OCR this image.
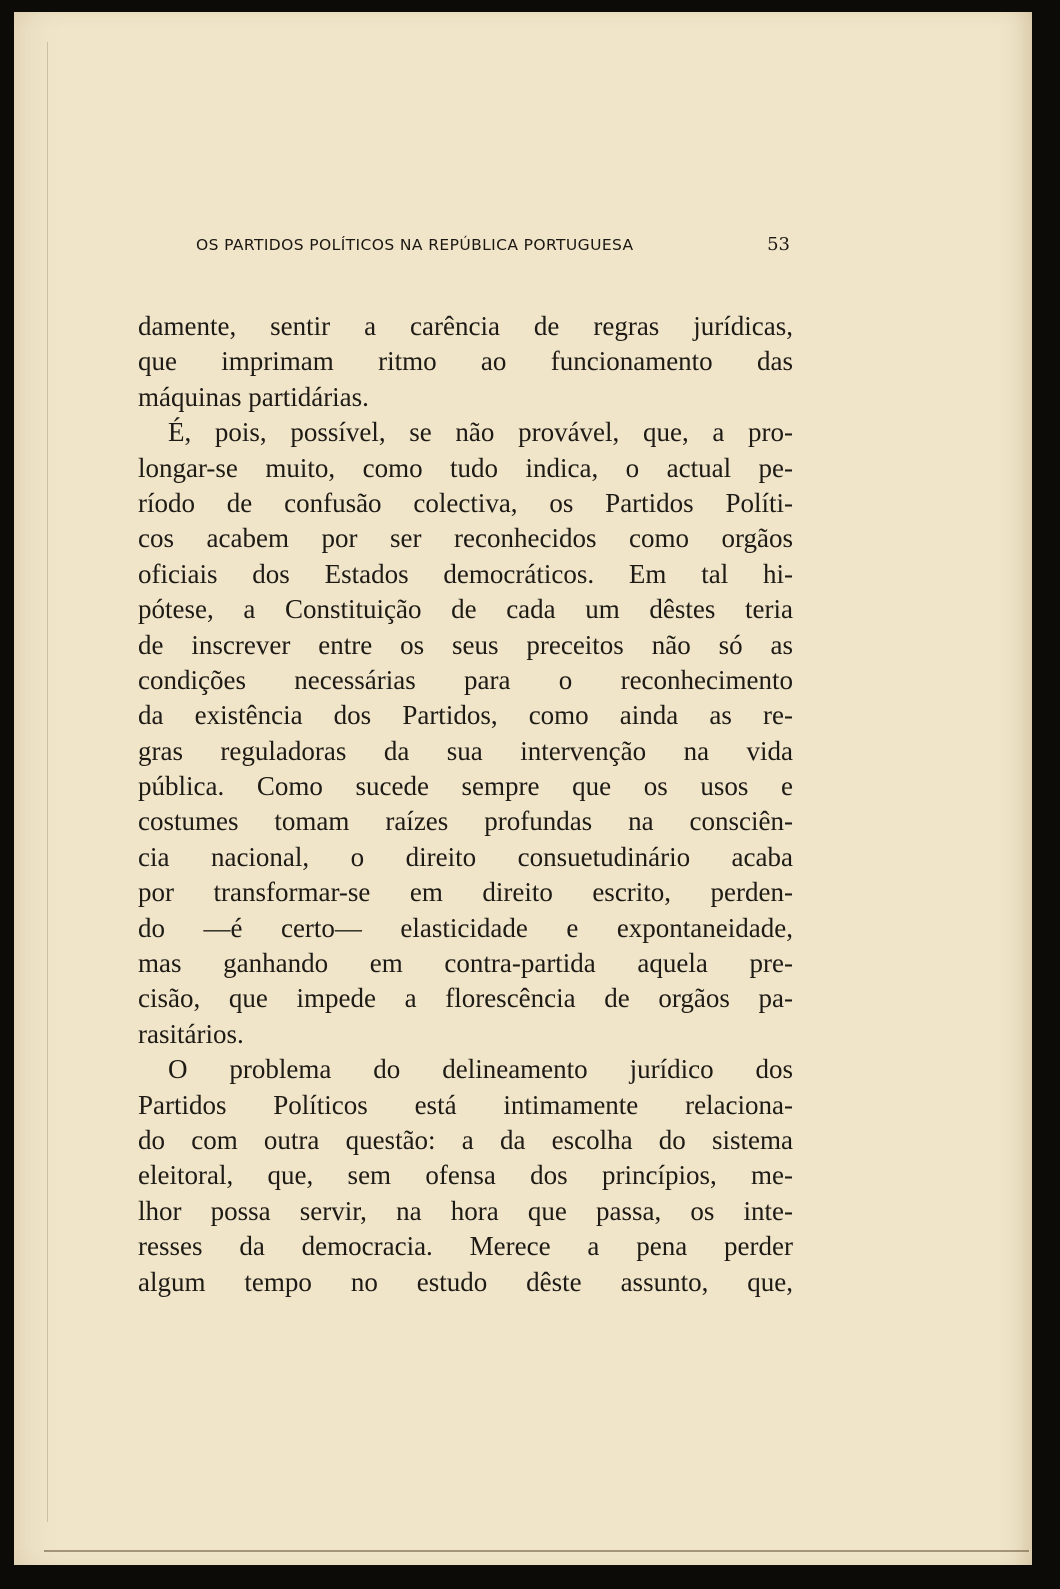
OS PARTIDOS POLÍTICOS NA REPÚBLICA PORTUGUESA	53
damente, sentir a carência de regras jurídicas,
que imprimam ritmo ao funcionamento das
máquinas partidárias.
É, pois, possível, se não provável, que, a pro-
longar-se muito, como tudo indica, o actual pe-
ríodo de confusão colectiva, os Partidos Políti-
cos acabem por ser reconhecidos como orgãos
oficiais dos Estados democráticos. Em tal hi-
pótese, a Constituição de cada um dêstes teria
de inscrever entre os seus preceitos não só as
condições necessárias para o reconhecimento
da existência dos Partidos, como ainda as re-
gras reguladoras da sua intervenção na vida
pública. Como sucede sempre que os usos e
costumes tomam raízes profundas na consciên-
cia nacional, o direito consuetudinário acaba
por transformar-se em direito escrito, perden-
do —é certo— elasticidade e expontaneidade,
mas ganhando em contra-partida aquela pre-
cisão, que impede a florescência de orgãos pa-
rasitários.
O problema do delineamento jurídico dos
Partidos Políticos está intimamente relaciona-
do com outra questão: a da escolha do sistema
eleitoral, que, sem ofensa dos princípios, me-
lhor possa servir, na hora que passa, os inte-
resses da democracia. Merece a pena perder
algum tempo no estudo dêste assunto, que,
